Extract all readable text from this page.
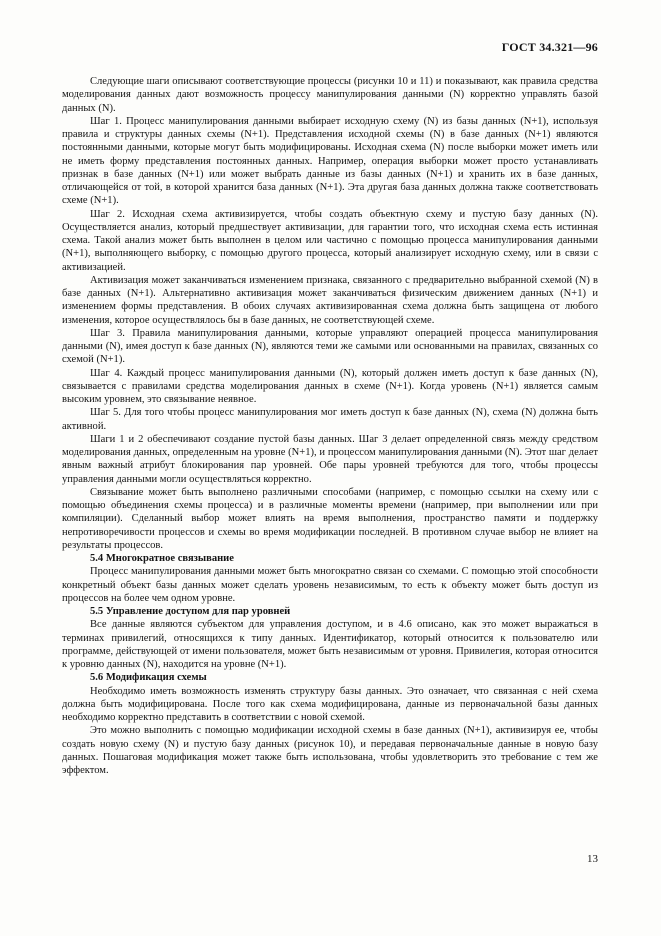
ГОСТ 34.321—96

Следующие шаги описывают соответствующие процессы (рисунки 10 и 11) и показывают, как правила средства моделирования данных дают возможность процессу манипулирования данными (N) корректно управлять базой данных (N).

Шаг 1. Процесс манипулирования данными выбирает исходную схему (N) из базы данных (N+1), используя правила и структуры данных схемы (N+1). Представления исходной схемы (N) в базе данных (N+1) являются постоянными данными, которые могут быть модифицированы. Исходная схема (N) после выборки может иметь или не иметь форму представления постоянных данных. Например, операция выборки может просто устанавливать признак в базе данных (N+1) или может выбрать данные из базы данных (N+1) и хранить их в базе данных, отличающейся от той, в которой хранится база данных (N+1). Эта другая база данных должна также соответствовать схеме (N+1).

Шаг 2. Исходная схема активизируется, чтобы создать объектную схему и пустую базу данных (N). Осуществляется анализ, который предшествует активизации, для гарантии того, что исходная схема есть истинная схема. Такой анализ может быть выполнен в целом или частично с помощью процесса манипулирования данными (N+1), выполняющего выборку, с помощью другого процесса, который анализирует исходную схему, или в связи с активизацией.

Активизация может заканчиваться изменением признака, связанного с предварительно выбранной схемой (N) в базе данных (N+1). Альтернативно активизация может заканчиваться физическим движением данных (N+1) и изменением формы представления. В обоих случаях активизированная схема должна быть защищена от любого изменения, которое осуществлялось бы в базе данных, не соответствующей схеме.

Шаг 3. Правила манипулирования данными, которые управляют операцией процесса манипулирования данными (N), имея доступ к базе данных (N), являются теми же самыми или основанными на правилах, связанных со схемой (N+1).

Шаг 4. Каждый процесс манипулирования данными (N), который должен иметь доступ к базе данных (N), связывается с правилами средства моделирования данных в схеме (N+1). Когда уровень (N+1) является самым высоким уровнем, это связывание неявное.

Шаг 5. Для того чтобы процесс манипулирования мог иметь доступ к базе данных (N), схема (N) должна быть активной.

Шаги 1 и 2 обеспечивают создание пустой базы данных. Шаг 3 делает определенной связь между средством моделирования данных, определенным на уровне (N+1), и процессом манипулирования данными (N). Этот шаг делает явным важный атрибут блокирования пар уровней. Обе пары уровней требуются для того, чтобы процессы управления данными могли осуществляться корректно.

Связывание может быть выполнено различными способами (например, с помощью ссылки на схему или с помощью объединения схемы процесса) и в различные моменты времени (например, при выполнении или при компиляции). Сделанный выбор может влиять на время выполнения, пространство памяти и поддержку непротиворечивости процессов и схемы во время модификации последней. В противном случае выбор не влияет на результаты процессов.

5.4 Многократное связывание

Процесс манипулирования данными может быть многократно связан со схемами. С помощью этой способности конкретный объект базы данных может сделать уровень независимым, то есть к объекту может быть доступ из процессов на более чем одном уровне.

5.5 Управление доступом для пар уровней

Все данные являются субъектом для управления доступом, и в 4.6 описано, как это может выражаться в терминах привилегий, относящихся к типу данных. Идентификатор, который относится к пользователю или программе, действующей от имени пользователя, может быть независимым от уровня. Привилегия, которая относится к уровню данных (N), находится на уровне (N+1).

5.6 Модификация схемы

Необходимо иметь возможность изменять структуру базы данных. Это означает, что связанная с ней схема должна быть модифицирована. После того как схема модифицирована, данные из первоначальной базы данных необходимо корректно представить в соответствии с новой схемой.

Это можно выполнить с помощью модификации исходной схемы в базе данных (N+1), активизируя ее, чтобы создать новую схему (N) и пустую базу данных (рисунок 10), и передавая первоначальные данные в новую базу данных. Пошаговая модификация может также быть использована, чтобы удовлетворить это требование с тем же эффектом.

13
